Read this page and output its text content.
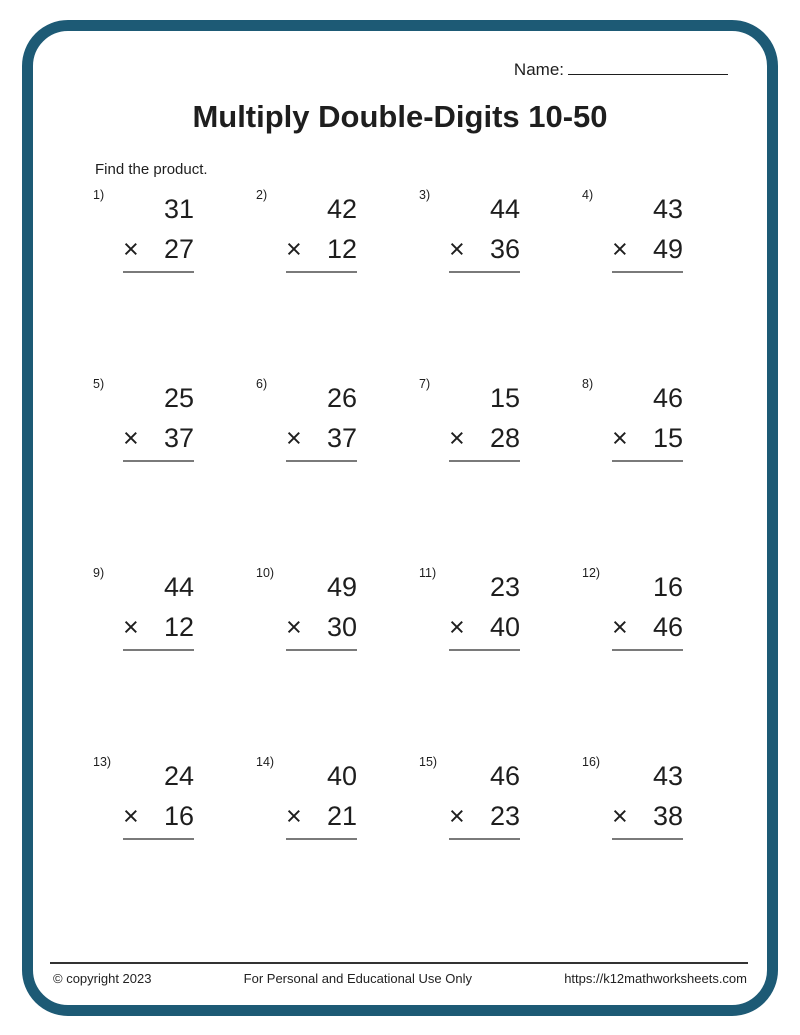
Name:
Multiply Double-Digits 10-50
Find the product.
1)	31
× 27
2)	42
× 12
3)	44
× 36
4)	43
× 49
5)	25
× 37
6)	26
× 37
7)	15
× 28
8)	46
× 15
9)	44
× 12
10)	49
× 30
11)	23
× 40
12)	16
× 46
13)	24
× 16
14)	40
× 21
15)	46
× 23
16)	43
× 38
© copyright 2023	For Personal and Educational Use Only	https://k12mathworksheets.com
